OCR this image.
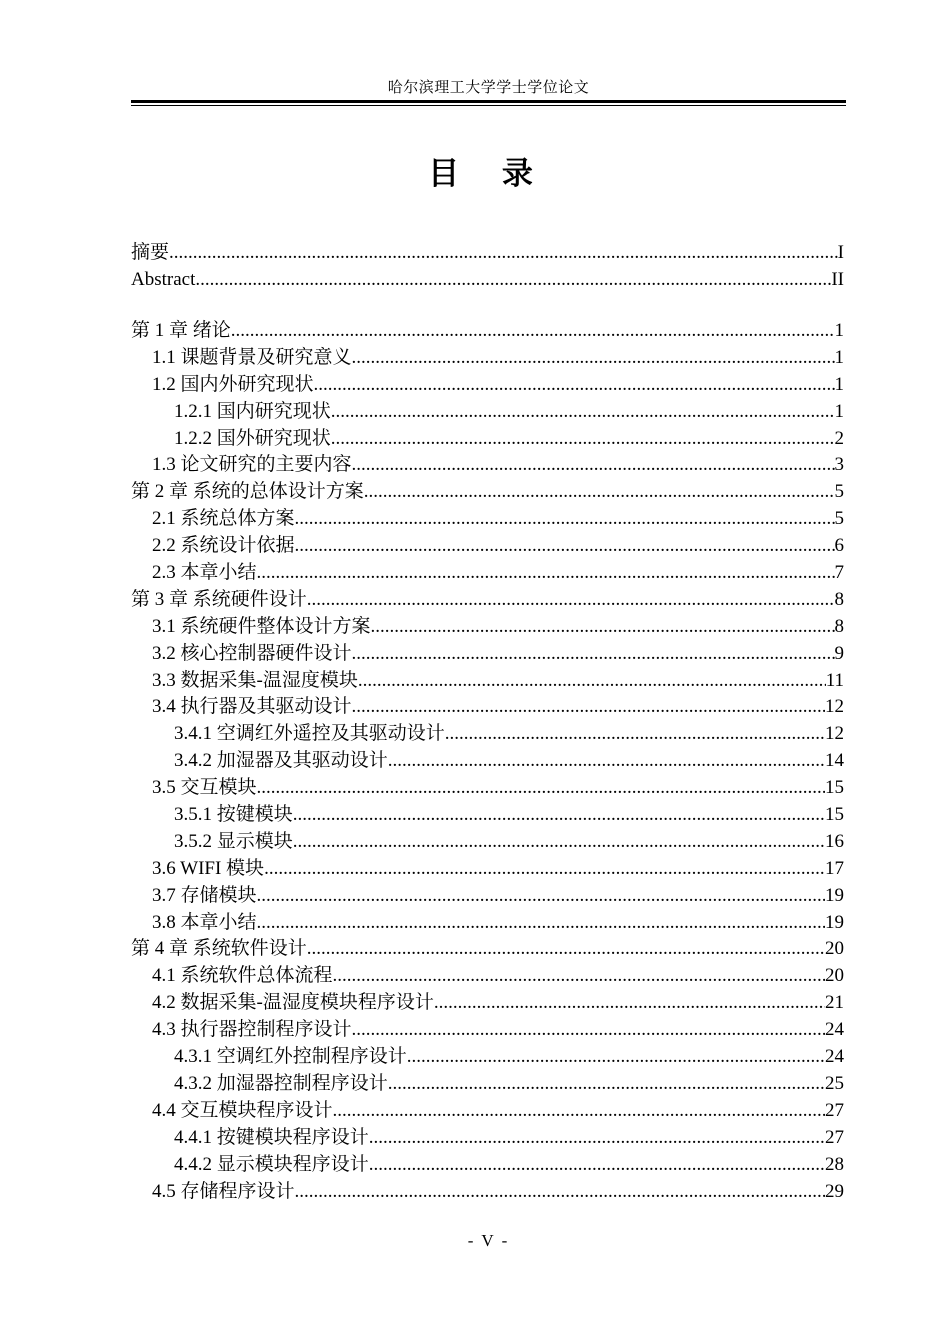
哈尔滨理工大学学士学位论文
目 录
摘要 .....	I
Abstract .....	II
第 1 章 绪论 .....	1
1.1 课题背景及研究意义 .....	1
1.2 国内外研究现状 .....	1
1.2.1 国内研究现状 .....	1
1.2.2 国外研究现状 .....	2
1.3 论文研究的主要内容 .....	3
第 2 章 系统的总体设计方案 .....	5
2.1 系统总体方案 .....	5
2.2 系统设计依据 .....	6
2.3 本章小结 .....	7
第 3 章 系统硬件设计 .....	8
3.1 系统硬件整体设计方案 .....	8
3.2 核心控制器硬件设计 .....	9
3.3 数据采集-温湿度模块 .....	11
3.4 执行器及其驱动设计 .....	12
3.4.1 空调红外遥控及其驱动设计 .....	12
3.4.2 加湿器及其驱动设计 .....	14
3.5 交互模块 .....	15
3.5.1 按键模块 .....	15
3.5.2 显示模块 .....	16
3.6 WIFI 模块 .....	17
3.7 存储模块 .....	19
3.8 本章小结 .....	19
第 4 章 系统软件设计 .....	20
4.1 系统软件总体流程 .....	20
4.2 数据采集-温湿度模块程序设计 .....	21
4.3 执行器控制程序设计 .....	24
4.3.1 空调红外控制程序设计 .....	24
4.3.2 加湿器控制程序设计 .....	25
4.4 交互模块程序设计 .....	27
4.4.1 按键模块程序设计 .....	27
4.4.2 显示模块程序设计 .....	28
4.5 存储程序设计 .....	29
- V -
